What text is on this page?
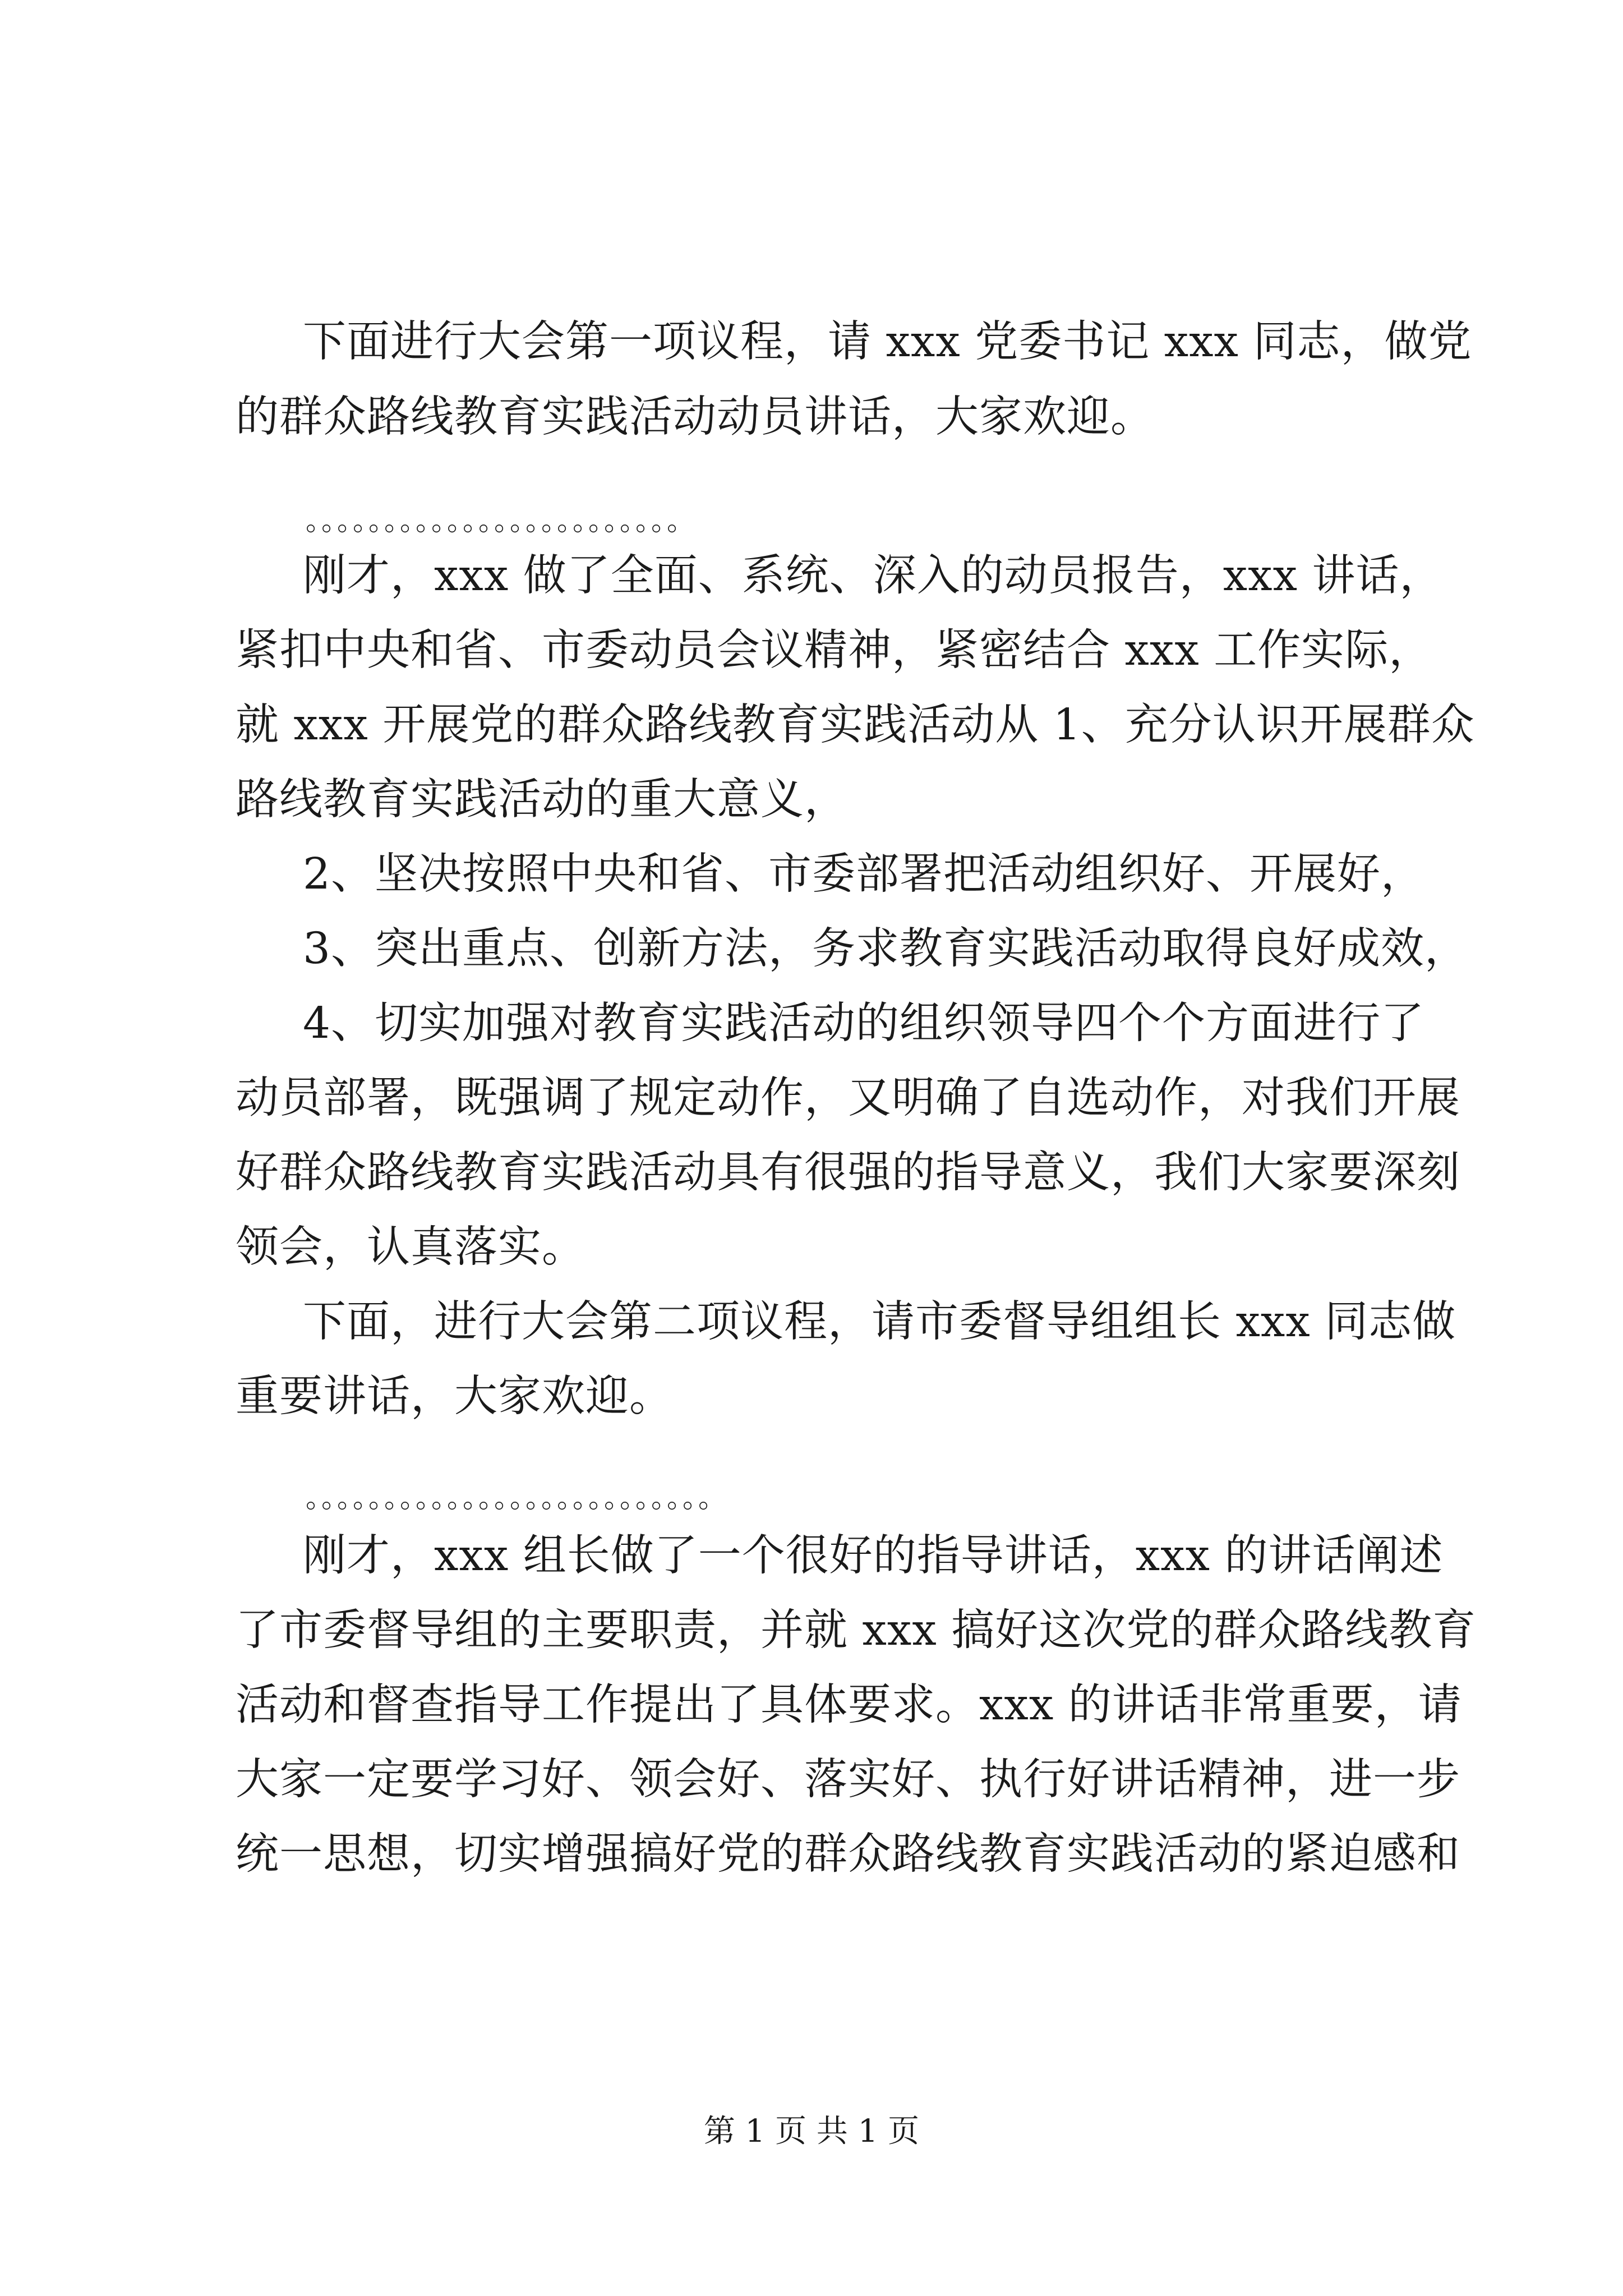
下面进行大会第一项议程，请 xxx 党委书记 xxx 同志，做党
的群众路线教育实践活动动员讲话，大家欢迎。
。。。。。。。。。。。。。。。。。。。。。。。。
刚才，xxx 做了全面、系统、深入的动员报告，xxx 讲话，
紧扣中央和省、市委动员会议精神，紧密结合 xxx 工作实际，
就 xxx 开展党的群众路线教育实践活动从 1、充分认识开展群众
路线教育实践活动的重大意义，
2、坚决按照中央和省、市委部署把活动组织好、开展好，
3、突出重点、创新方法，务求教育实践活动取得良好成效，
4、切实加强对教育实践活动的组织领导四个个方面进行了
动员部署，既强调了规定动作，又明确了自选动作，对我们开展
好群众路线教育实践活动具有很强的指导意义，我们大家要深刻
领会，认真落实。
下面，进行大会第二项议程，请市委督导组组长 xxx 同志做
重要讲话，大家欢迎。
。。。。。。。。。。。。。。。。。。。。。。。。。。
刚才，xxx 组长做了一个很好的指导讲话，xxx 的讲话阐述
了市委督导组的主要职责，并就 xxx 搞好这次党的群众路线教育
活动和督查指导工作提出了具体要求。xxx 的讲话非常重要，请
大家一定要学习好、领会好、落实好、执行好讲话精神，进一步
统一思想，切实增强搞好党的群众路线教育实践活动的紧迫感和
第 1 页 共 1 页
